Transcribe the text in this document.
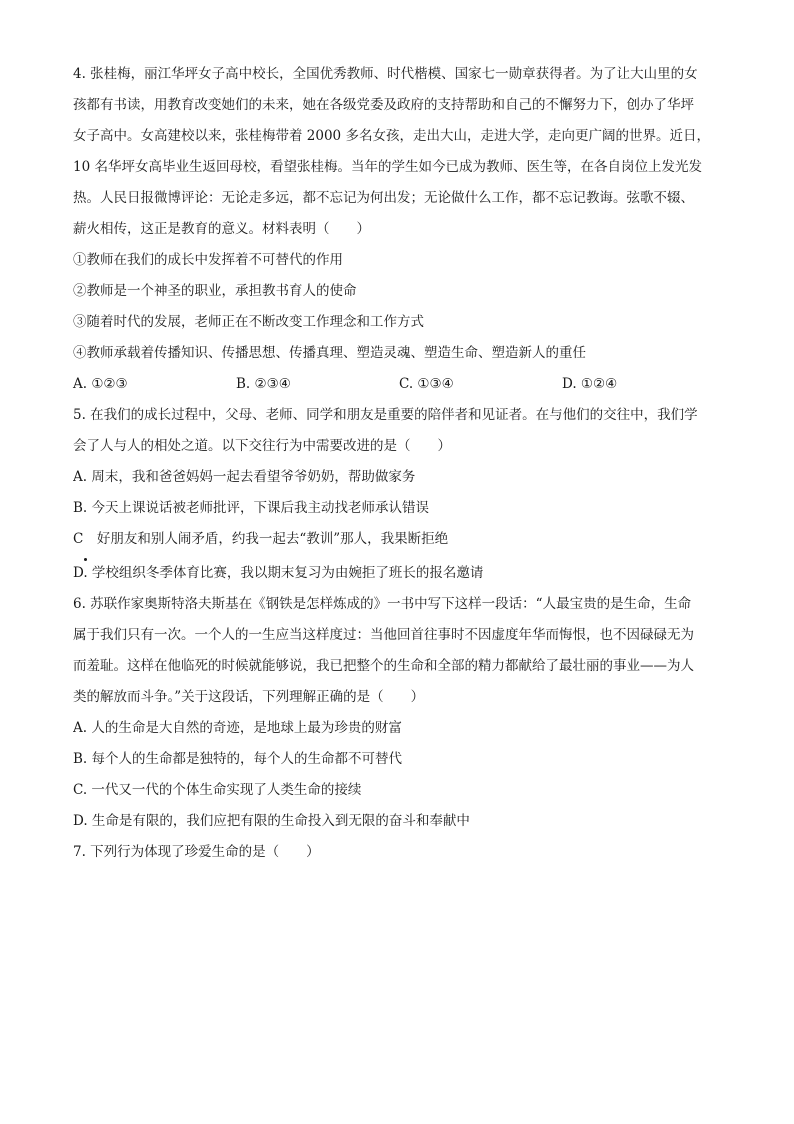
4. 张桂梅，丽江华坪女子高中校长，全国优秀教师、时代楷模、国家七一勋章获得者。为了让大山里的女
孩都有书读，用教育改变她们的未来，她在各级党委及政府的支持帮助和自己的不懈努力下，创办了华坪
女子高中。女高建校以来，张桂梅带着 2000 多名女孩，走出大山，走进大学，走向更广阔的世界。近日，
10 名华坪女高毕业生返回母校，看望张桂梅。当年的学生如今已成为教师、医生等，在各自岗位上发光发
热。人民日报微博评论：无论走多远，都不忘记为何出发；无论做什么工作，都不忘记教诲。弦歌不辍、
薪火相传，这正是教育的意义。材料表明（　　）
①教师在我们的成长中发挥着不可替代的作用
②教师是一个神圣的职业，承担教书育人的使命
③随着时代的发展，老师正在不断改变工作理念和工作方式
④教师承载着传播知识、传播思想、传播真理、塑造灵魂、塑造生命、塑造新人的重任
A. ①②③	B. ②③④	C. ①③④	D. ①②④
5. 在我们的成长过程中，父母、老师、同学和朋友是重要的陪伴者和见证者。在与他们的交往中，我们学
会了人与人的相处之道。以下交往行为中需要改进的是（　　）
A. 周末，我和爸爸妈妈一起去看望爷爷奶奶，帮助做家务
B. 今天上课说话被老师批评，下课后我主动找老师承认错误
C　好朋友和别人闹矛盾，约我一起去“教训”那人，我果断拒绝
D. 学校组织冬季体育比赛，我以期末复习为由婉拒了班长的报名邀请
6. 苏联作家奥斯特洛夫斯基在《钢铁是怎样炼成的》一书中写下这样一段话：“人最宝贵的是生命，生命
属于我们只有一次。一个人的一生应当这样度过：当他回首往事时不因虚度年华而悔恨，也不因碌碌无为
而羞耻。这样在他临死的时候就能够说，我已把整个的生命和全部的精力都献给了最壮丽的事业——为人
类的解放而斗争。”关于这段话，下列理解正确的是（　　）
A. 人的生命是大自然的奇迹，是地球上最为珍贵的财富
B. 每个人的生命都是独特的，每个人的生命都不可替代
C. 一代又一代的个体生命实现了人类生命的接续
D. 生命是有限的，我们应把有限的生命投入到无限的奋斗和奉献中
7. 下列行为体现了珍爱生命的是（　　）
